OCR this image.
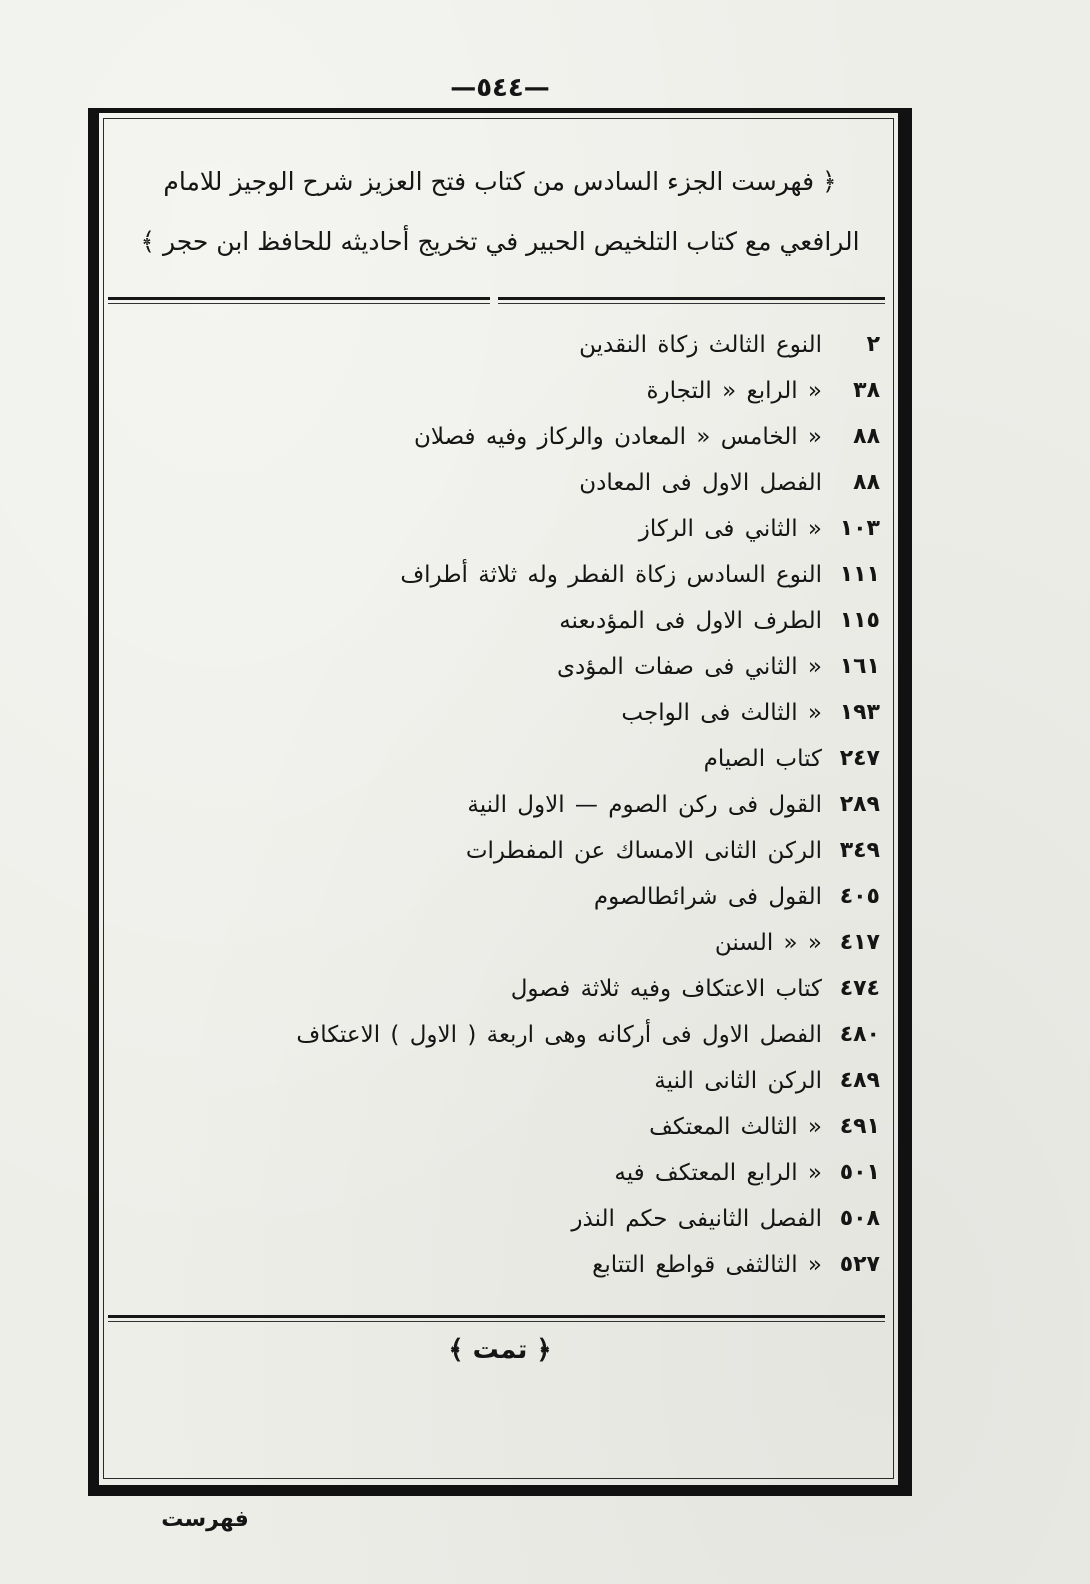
—٥٤٤—
﴿ فهرست الجزء السادس من كتاب فتح العزيز شرح الوجيز للامام
الرافعي مع كتاب التلخيص الحبير في تخريج أحاديثه للحافظ ابن حجر ﴾
٢
النوع الثالث زكاة النقدين
٣٨
« الرابع « التجارة
٨٨
« الخامس « المعادن والركاز وفيه فصلان
٨٨
الفصل الاول فى المعادن
١٠٣
« الثاني فى الركاز
١١١
النوع السادس زكاة الفطر وله ثلاثة أطراف
١١٥
الطرف الاول فى المؤدىعنه
١٦١
« الثاني فى صفات المؤدى
١٩٣
« الثالث فى الواجب
٢٤٧
كتاب الصيام
٢٨٩
القول فى ركن الصوم — الاول النية
٣٤٩
الركن الثانى الامساك عن المفطرات
٤٠٥
القول فى شرائطالصوم
٤١٧
« « السنن
٤٧٤
كتاب الاعتكاف وفيه ثلاثة فصول
٤٨٠
الفصل الاول فى أركانه وهى اربعة ( الاول ) الاعتكاف
٤٨٩
الركن الثانى النية
٤٩١
« الثالث المعتكف
٥٠١
« الرابع المعتكف فيه
٥٠٨
الفصل الثانيفى حكم النذر
٥٢٧
« الثالثفى قواطع التتابع
﴿ تمت ﴾
فهرست
